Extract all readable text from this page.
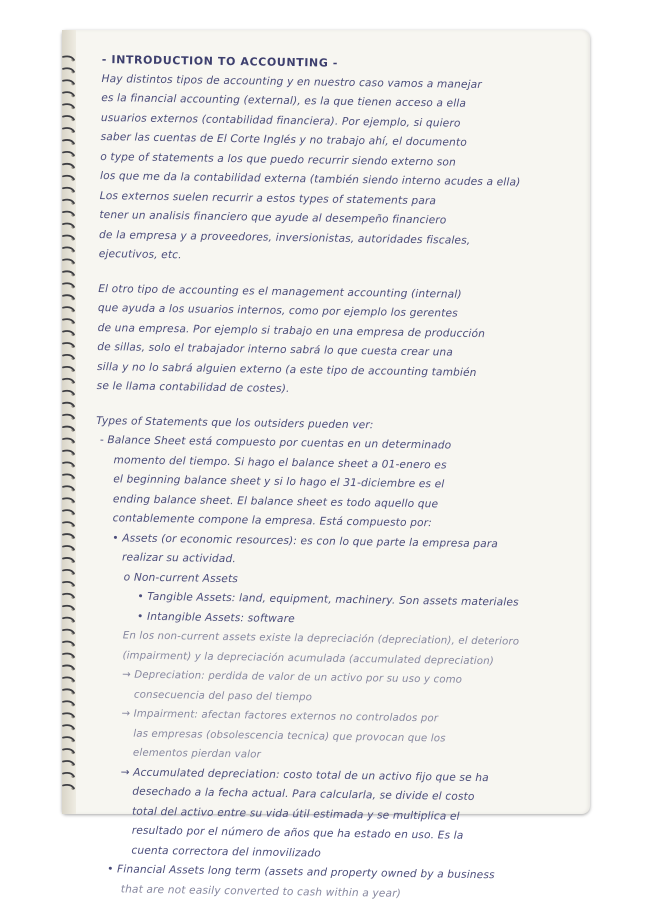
- INTRODUCTION TO ACCOUNTING -

Hay distintos tipos de accounting y en nuestro caso vamos a manejar

es la financial accounting (external), es la que tienen acceso a ella

usuarios externos (contabilidad financiera). Por ejemplo, si quiero

saber las cuentas de El Corte Inglés y no trabajo ahí, el documento

o type of statements a los que puedo recurrir siendo externo son

los que me da la contabilidad externa (también siendo interno acudes a ella)

Los externos suelen recurrir a estos types of statements para

tener un analisis financiero que ayude al desempeño financiero

de la empresa y a proveedores, inversionistas, autoridades fiscales,

ejecutivos, etc.

El otro tipo de accounting es el management accounting (internal)

que ayuda a los usuarios internos, como por ejemplo los gerentes

de una empresa. Por ejemplo si trabajo en una empresa de producción

de sillas, solo el trabajador interno sabrá lo que cuesta crear una

silla y no lo sabrá alguien externo (a este tipo de accounting también

se le llama contabilidad de costes).

Types of Statements que los outsiders pueden ver:

- Balance Sheet está compuesto por cuentas en un determinado

momento del tiempo. Si hago el balance sheet a 01-enero es

el beginning balance sheet y si lo hago el 31-diciembre es el

ending balance sheet. El balance sheet es todo aquello que

contablemente compone la empresa. Está compuesto por:

• Assets (or economic resources): es con lo que parte la empresa para

realizar su actividad.

o Non-current Assets

• Tangible Assets: land, equipment, machinery. Son assets materiales

• Intangible Assets: software

En los non-current assets existe la depreciación (depreciation), el deterioro

(impairment) y la depreciación acumulada (accumulated depreciation)

→ Depreciation: perdida de valor de un activo por su uso y como

consecuencia del paso del tiempo

→ Impairment: afectan factores externos no controlados por

las empresas (obsolescencia tecnica) que provocan que los

elementos pierdan valor

→ Accumulated depreciation: costo total de un activo fijo que se ha

desechado a la fecha actual. Para calcularla, se divide el costo

total del activo entre su vida útil estimada y se multiplica el

resultado por el número de años que ha estado en uso. Es la

cuenta correctora del inmovilizado

• Financial Assets long term (assets and property owned by a business

that are not easily converted to cash within a year)
